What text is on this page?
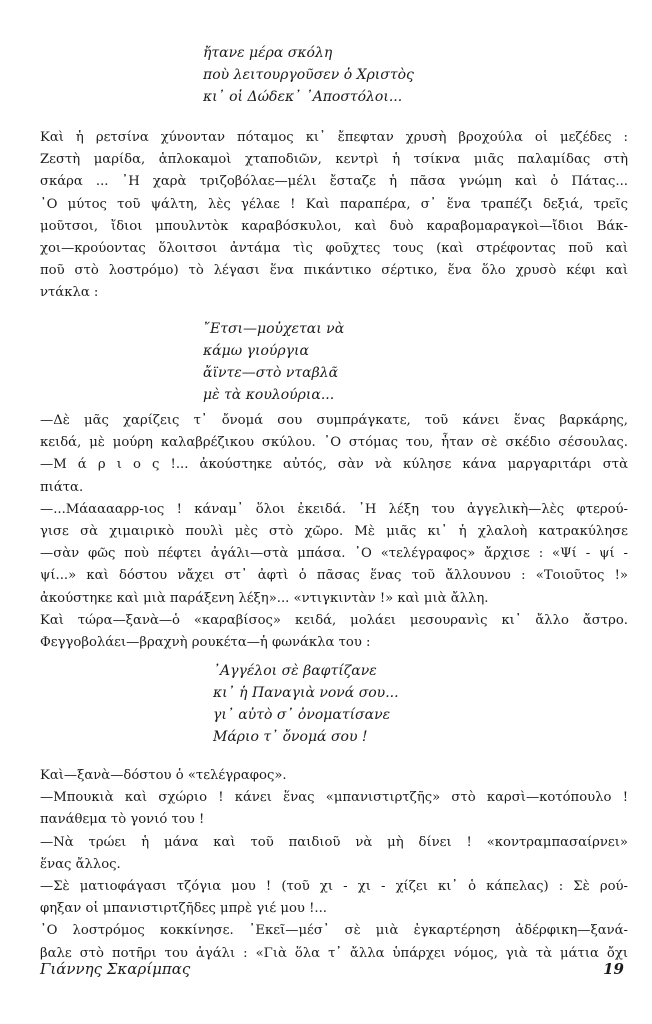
ἤτανε μέρα σκόλη
ποὺ λειτουργοῦσεν ὁ Χριστὸς
κι᾽ οἱ Δώδεκ᾽ ᾽Αποστόλοι...
Καὶ ἡ ρετσίνα χύνονταν πόταμος κι᾽ ἔπεφταν χρυσὴ βροχούλα οἱ μεζέδες :
Ζεστὴ μαρίδα, ἁπλοκαμοὶ χταποδιῶν, κεντρὶ ἡ τσίκνα μιᾶς παλαμίδας στὴ
σκάρα ... ᾽Η χαρὰ τριζοβόλαε—μέλι ἔσταζε ἡ πᾶσα γνώμη καὶ ὁ Πάτας...
᾽Ο μύτος τοῦ ψάλτη, λὲς γέλαε ! Καὶ παραπέρα, σ᾽ ἕνα τραπέζι δεξιά, τρεῖς
μοῦτσοι, ἴδιοι μπουλντὸκ καραβόσκυλοι, καὶ δυὸ καραβομαραγκοὶ—ἴδιοι Βάκ-
χοι—κρούοντας ὅλοιτσοι ἀντάμα τὶς φοῦχτες τους (καὶ στρέφοντας ποῦ καὶ
ποῦ στὸ λοστρόμο) τὸ λέγασι ἕνα πικάντικο σέρτικο, ἕνα ὅλο χρυσὸ κέφι καὶ
ντάκλα :
῎Ετσι—μοὐχεται νὰ
κάμω γιούργια
ἄϊντε—στὸ νταβλᾶ
μὲ τὰ κουλούρια...
—Δὲ μᾶς χαρίζεις τ᾽ ὄνομά σου συμπράγκατε, τοῦ κάνει ἕνας βαρκάρης,
κειδά, μὲ μούρη καλαβρέζικου σκύλου. ᾽Ο στόμας του, ἦταν σὲ σκέδιο σέσουλας.
—Μ ά ρ ι ο ς !... ἀκούστηκε αὐτός, σὰν νὰ κύλησε κάνα μαργαριτάρι στὰ
πιάτα.
—...Μάααααρρ-ιος ! κάναμ᾽ ὅλοι ἐκειδά. ᾽Η λέξη του ἀγγελικὴ—λὲς φτερού-
γισε σὰ χιμαιρικὸ πουλὶ μὲς στὸ χῶρο. Μὲ μιᾶς κι᾽ ἡ χλαλοὴ κατρακύλησε
—σὰν φῶς ποὺ πέφτει ἀγάλι—στὰ μπάσα. ᾽Ο «τελέγραφος» ἄρχισε : «Ψί - ψί -
ψί...» καὶ δόστου νἄχει στ᾽ ἀφτὶ ὁ πᾶσας ἕνας τοῦ ἄλλουνου : «Τοιοῦτος !»
ἀκούστηκε καὶ μιὰ παράξενη λέξη»... «ντιγκιντὰν !» καὶ μιὰ ἄλλη.
Καὶ τώρα—ξανὰ—ὁ «καραβίσος» κειδά, μολάει μεσουρανὶς κι᾽ ἄλλο ἄστρο.
Φεγγοβολάει—βραχνὴ ρουκέτα—ἡ φωνάκλα του :
᾽Αγγέλοι σὲ βαφτίζανε
κι᾽ ἡ Παναγιὰ νονά σου...
γι᾽ αὐτὸ σ᾽ ὀνοματίσανε
Μάριο τ᾽ ὄνομά σου !
Καὶ—ξανὰ—δόστου ὁ «τελέγραφος».
—Μπουκιὰ καὶ σχώριο ! κάνει ἕνας «μπανιστιρτζῆς» στὸ καρσὶ—κοτόπουλο !
πανάθεμα τὸ γονιό του !
—Νὰ τρώει ἡ μάνα καὶ τοῦ παιδιοῦ νὰ μὴ δίνει ! «κοντραμπασαίρνει»
ἕνας ἄλλος.
—Σὲ ματιοφάγασι τζόγια μου ! (τοῦ χι - χι - χίζει κι᾽ ὁ κάπελας) : Σὲ ρού-
φηξαν οἱ μπανιστιρτζῆδες μπρὲ γιέ μου !...
᾽Ο λοστρόμος κοκκίνησε. ᾽Εκεῖ—μέσ᾽ σὲ μιὰ ἐγκαρτέρηση ἀδέρφικη—ξανά-
βαλε στὸ ποτῆρι του ἀγάλι : «Γιὰ ὅλα τ᾽ ἄλλα ὑπάρχει νόμος, γιὰ τὰ μάτια ὄχι
Γιάννης Σκαρίμπας	19
